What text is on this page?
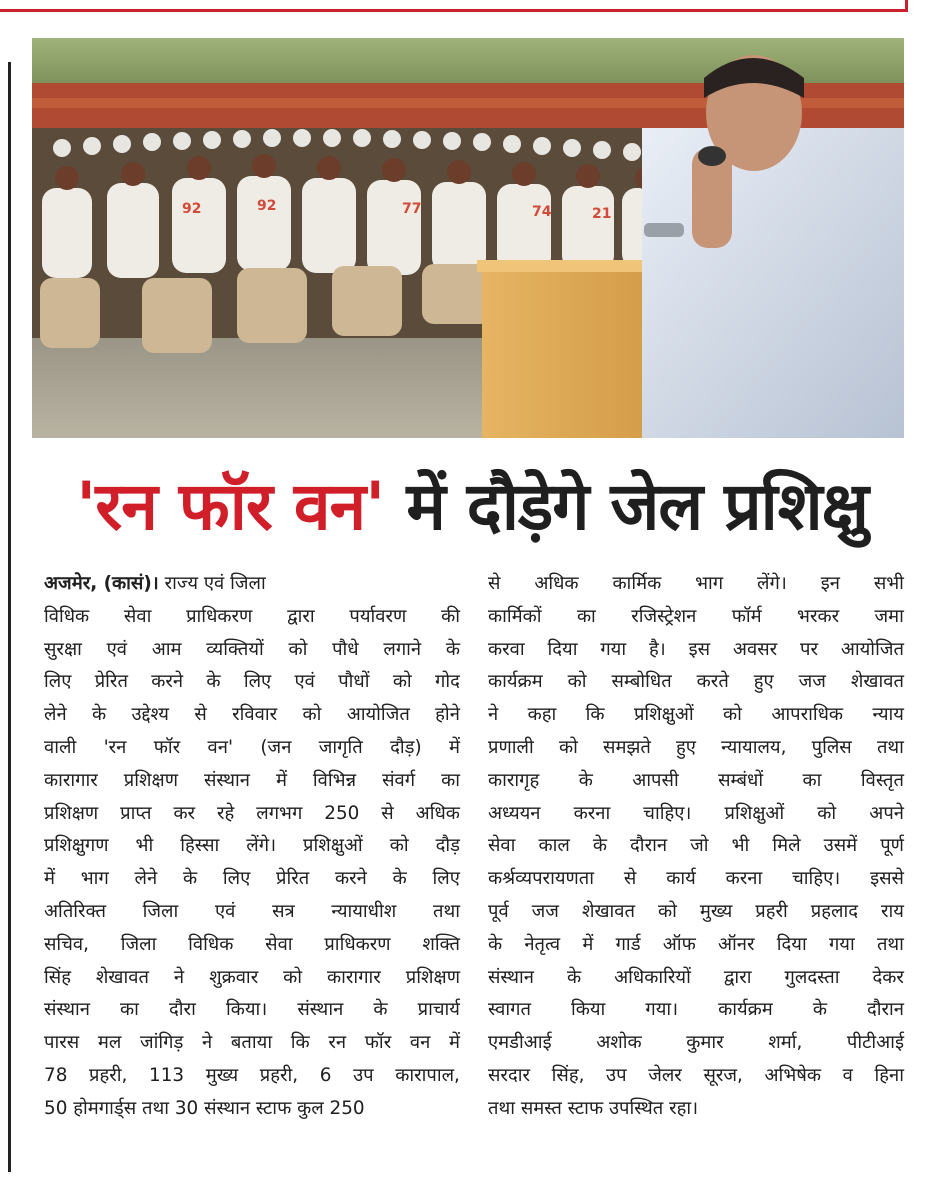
92	92	77	74	21
'रन फॉर वन' में दौड़ेगे जेल प्रशिक्षु
अजमेर, (कासं)। राज्य एवं जिला
विधिक सेवा प्राधिकरण द्वारा पर्यावरण की
सुरक्षा एवं आम व्यक्तियों को पौधे लगाने के
लिए प्रेरित करने के लिए एवं पौधों को गोद
लेने के उद्देश्य से रविवार को आयोजित होने
वाली 'रन फॉर वन' (जन जागृति दौड़) में
कारागार प्रशिक्षण संस्थान में विभिन्न संवर्ग का
प्रशिक्षण प्राप्त कर रहे लगभग 250 से अधिक
प्रशिक्षुगण भी हिस्सा लेंगे। प्रशिक्षुओं को दौड़
में भाग लेने के लिए प्रेरित करने के लिए
अतिरिक्त जिला एवं सत्र न्यायाधीश तथा
सचिव, जिला विधिक सेवा प्राधिकरण शक्ति
सिंह शेखावत ने शुक्रवार को कारागार प्रशिक्षण
संस्थान का दौरा किया। संस्थान के प्राचार्य
पारस मल जांगिड़ ने बताया कि रन फॉर वन में
78 प्रहरी, 113 मुख्य प्रहरी, 6 उप कारापाल,
50 होमगार्ड्स तथा 30 संस्थान स्टाफ कुल 250
से अधिक कार्मिक भाग लेंगे। इन सभी
कार्मिकों का रजिस्ट्रेशन फॉर्म भरकर जमा
करवा दिया गया है। इस अवसर पर आयोजित
कार्यक्रम को सम्बोधित करते हुए जज शेखावत
ने कहा कि प्रशिक्षुओं को आपराधिक न्याय
प्रणाली को समझते हुए न्यायालय, पुलिस तथा
कारागृह के आपसी सम्बंधों का विस्तृत
अध्ययन करना चाहिए। प्रशिक्षुओं को अपने
सेवा काल के दौरान जो भी मिले उसमें पूर्ण
कर्श्रव्यपरायणता से कार्य करना चाहिए। इससे
पूर्व जज शेखावत को मुख्य प्रहरी प्रहलाद राय
के नेतृत्व में गार्ड ऑफ ऑनर दिया गया तथा
संस्थान के अधिकारियों द्वारा गुलदस्ता देकर
स्वागत किया गया। कार्यक्रम के दौरान
एमडीआई अशोक कुमार शर्मा, पीटीआई
सरदार सिंह, उप जेलर सूरज, अभिषेक व हिना
तथा समस्त स्टाफ उपस्थित रहा।
